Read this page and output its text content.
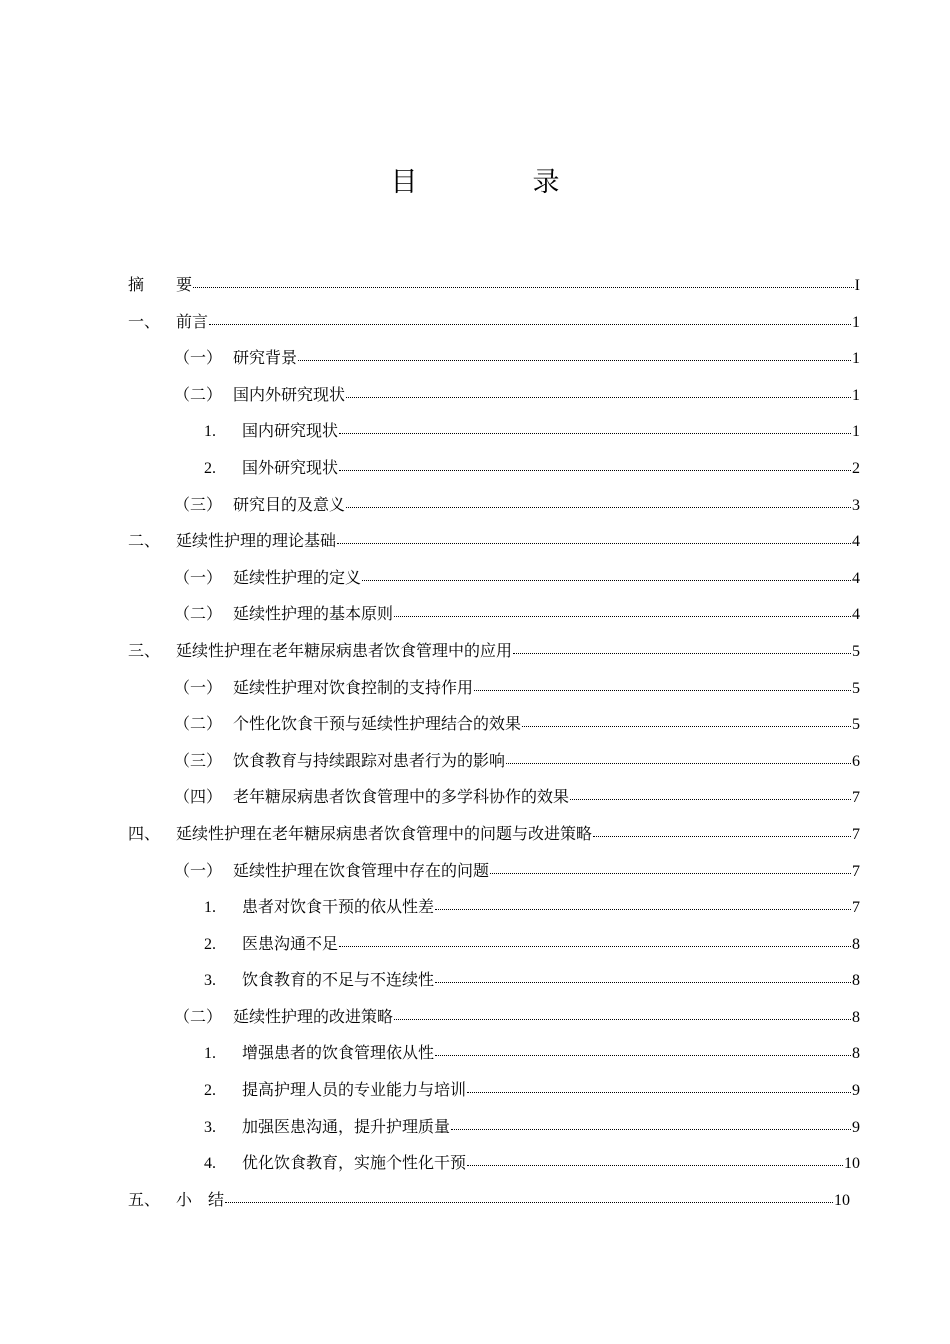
目　录
摘	要	I
一、 前言	1
（一） 研究背景	1
（二） 国内外研究现状	1
1.	国内研究现状	1
2.	国外研究现状	2
（三） 研究目的及意义	3
二、 延续性护理的理论基础	4
（一） 延续性护理的定义	4
（二） 延续性护理的基本原则	4
三、 延续性护理在老年糖尿病患者饮食管理中的应用	5
（一） 延续性护理对饮食控制的支持作用	5
（二） 个性化饮食干预与延续性护理结合的效果	5
（三） 饮食教育与持续跟踪对患者行为的影响	6
（四） 老年糖尿病患者饮食管理中的多学科协作的效果	7
四、 延续性护理在老年糖尿病患者饮食管理中的问题与改进策略	7
（一） 延续性护理在饮食管理中存在的问题	7
1.	患者对饮食干预的依从性差	7
2.	医患沟通不足	8
3.	饮食教育的不足与不连续性	8
（二） 延续性护理的改进策略	8
1.	增强患者的饮食管理依从性	8
2.	提高护理人员的专业能力与培训	9
3.	加强医患沟通，提升护理质量	9
4.	优化饮食教育，实施个性化干预	10
五、 小　结	10
